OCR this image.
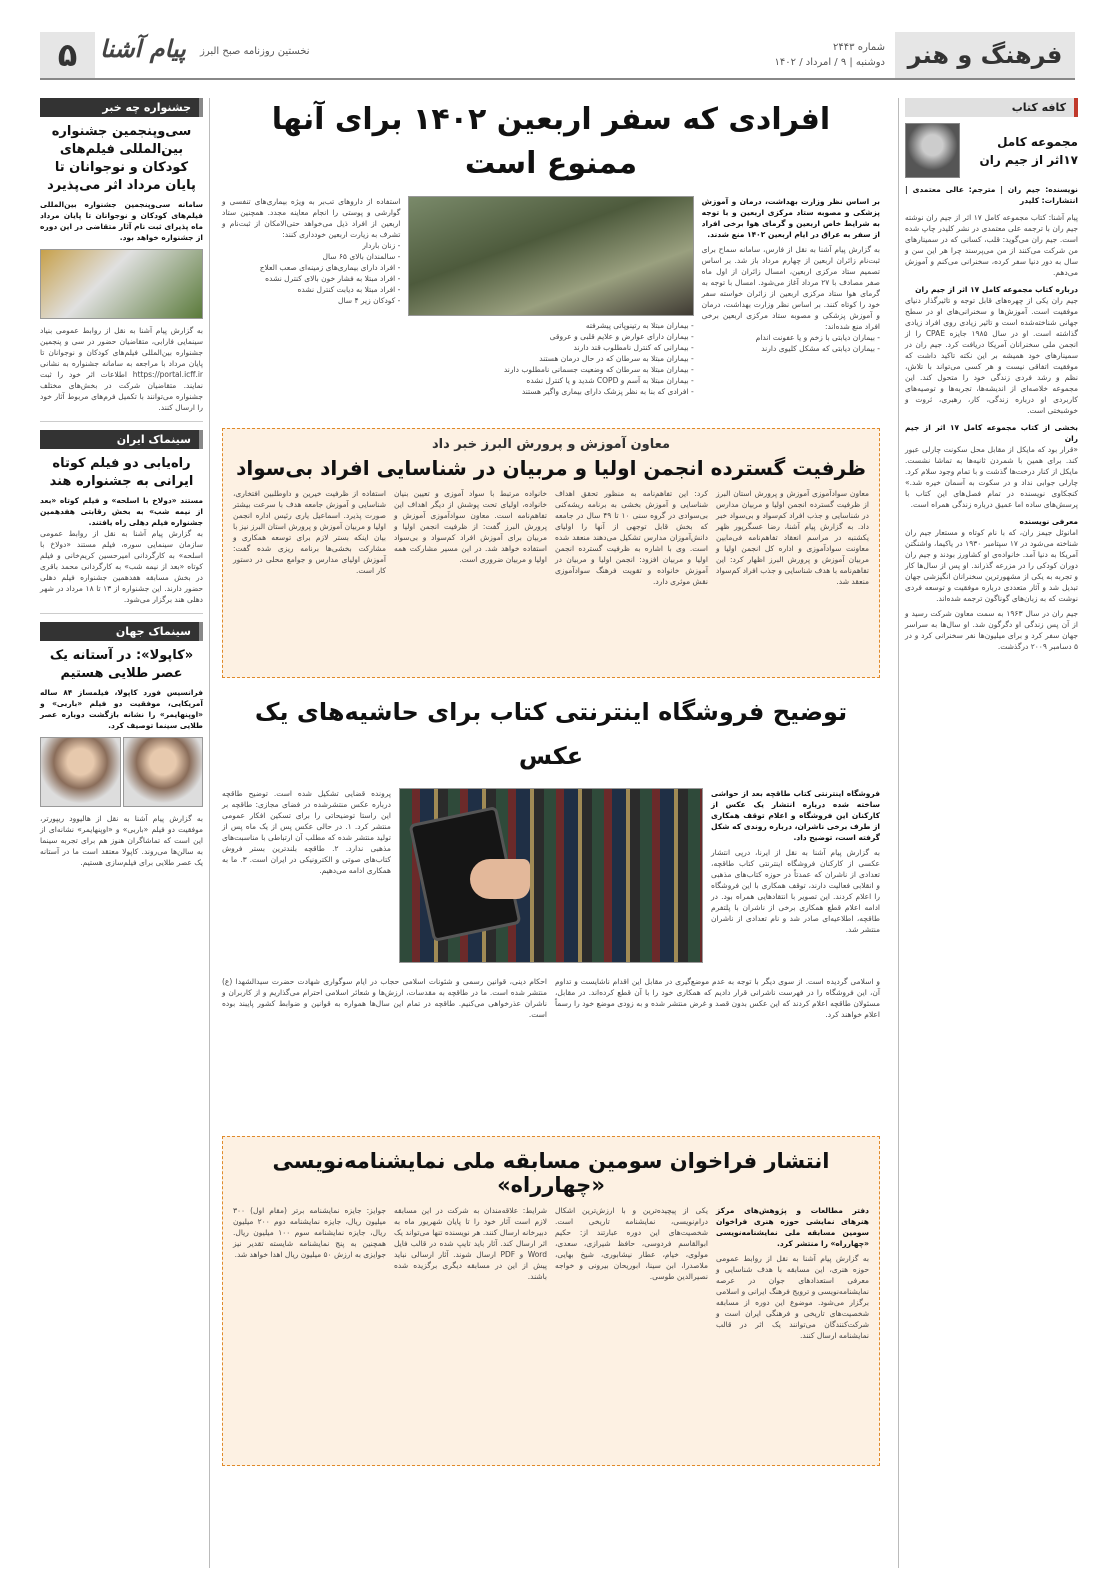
فرهنگ و هنر
شماره ۲۴۴۳
دوشنبه | ۹ / امرداد / ۱۴۰۲
نخستین روزنامه صبح البرز
پیام آشنا
۵
کافه کتاب
مجموعه کامل ۱۷اثر از جیم ران
نویسنده: جیم ران | مترجم: عالی معتمدی | انتشارات: کلیدر
پیام آشنا: کتاب مجموعه کامل ۱۷ اثر از جیم ران نوشته جیم ران با ترجمه علی معتمدی در نشر کلیدر چاپ شده است. جیم ران می‌گوید: قلب، کسانی که در سمینارهای من شرکت می‌کنند از من می‌پرسند چرا هر این سن و سال به دور دنیا سفر کرده، سخنرانی می‌کنم و آموزش می‌دهم.
درباره کتاب مجموعه کامل ۱۷ اثر از جیم ران
جیم ران یکی از چهره‌های قابل توجه و تاثیرگذار دنیای موفقیت است. آموزش‌ها و سخنرانی‌های او در سطح جهانی شناخته‌شده است و تاثیر زیادی روی افراد زیادی گذاشته است. او در سال ۱۹۸۵ جایزه CPAE را از انجمن ملی سخنرانان آمریکا دریافت کرد. جیم ران در سمینارهای خود همیشه بر این نکته تاکید داشت که موفقیت اتفاقی نیست و هر کسی می‌تواند با تلاش، نظم و رشد فردی زندگی خود را متحول کند. این مجموعه خلاصه‌ای از اندیشه‌ها، تجربه‌ها و توصیه‌های کاربردی او درباره زندگی، کار، رهبری، ثروت و خوشبختی است.
بخشی از کتاب مجموعه کامل ۱۷ اثر از جیم ران
«قرار بود که مایکل از مقابل محل سکونت چارلی عبور کند. برای همین با شمردن ثانیه‌ها به تماشا نشست. مایکل از کنار درخت‌ها گذشت و با تمام وجود سلام کرد. چارلی جوابی نداد و در سکوت به آسمان خیره شد.» کنجکاوی نویسنده در تمام فصل‌های این کتاب با پرسش‌های ساده اما عمیق درباره زندگی همراه است.
معرفی نویسنده
امانوئل جیمز ران، که با نام کوتاه و مستعار جیم ران شناخته می‌شود در ۱۷ سپتامبر ۱۹۳۰ در یاکیما، واشنگتن آمریکا به دنیا آمد. خانواده‌ی او کشاورز بودند و جیم ران دوران کودکی را در مزرعه گذراند. او پس از سال‌ها کار و تجربه به یکی از مشهورترین سخنرانان انگیزشی جهان تبدیل شد و آثار متعددی درباره موفقیت و توسعه فردی نوشت که به زبان‌های گوناگون ترجمه شده‌اند.
جیم ران در سال ۱۹۶۳ به سمت معاون شرکت رسید و از آن پس زندگی او دگرگون شد. او سال‌ها به سراسر جهان سفر کرد و برای میلیون‌ها نفر سخنرانی کرد و در ۵ دسامبر ۲۰۰۹ درگذشت.
جشنواره چه خبر
سی‌وپنجمین جشنواره بین‌المللی فیلم‌های کودکان و نوجوانان تا پایان مرداد اثر می‌پذیرد
سامانه سی‌وپنجمین جشنواره بین‌المللی فیلم‌های کودکان و نوجوانان تا پایان مرداد ماه پذیرای ثبت نام آثار متقاضی در این دوره از جشنواره خواهد بود.
به گزارش پیام آشنا به نقل از روابط عمومی بنیاد سینمایی فارابی، متقاضیان حضور در سی و پنجمین جشنواره بین‌المللی فیلم‌های کودکان و نوجوانان تا پایان مرداد با مراجعه به سامانه جشنواره به نشانی https://portal.icff.ir اطلاعات اثر خود را ثبت نمایند. متقاضیان شرکت در بخش‌های مختلف جشنواره می‌توانند با تکمیل فرم‌های مربوط آثار خود را ارسال کنند.
سینماک ایران
راه‌یابی دو فیلم کوتاه ایرانی به جشنواره هند
مستند «دولاخ با اسلحه» و فیلم کوتاه «بعد از نیمه شب» به بخش رقابتی هفدهمین جشنواره فیلم دهلی راه یافتند.
به گزارش پیام آشنا به نقل از روابط عمومی سازمان سینمایی سوره، فیلم مستند «دولاخ با اسلحه» به کارگردانی امیرحسین کریم‌خانی و فیلم کوتاه «بعد از نیمه شب» به کارگردانی محمد باقری در بخش مسابقه هفدهمین جشنواره فیلم دهلی حضور دارند. این جشنواره از ۱۳ تا ۱۸ مرداد در شهر دهلی هند برگزار می‌شود.
سینماک جهان
«کاپولا»: در آستانه یک عصر طلایی هستیم
فرانسیس فورد کاپولا، فیلمساز ۸۴ ساله آمریکایی، موفقیت دو فیلم «باربی» و «اوپنهایمر» را نشانه بازگشت دوباره عصر طلایی سینما توصیف کرد.
به گزارش پیام آشنا به نقل از هالیوود ریپورتر، موفقیت دو فیلم «باربی» و «اوپنهایمر» نشانه‌ای از این است که تماشاگران هنوز هم برای تجربه سینما به سالن‌ها می‌روند. کاپولا معتقد است ما در آستانه یک عصر طلایی برای فیلم‌سازی هستیم.
افرادی که سفر اربعین ۱۴۰۲ برای آنها ممنوع است
بر اساس نظر وزارت بهداشت، درمان و آموزش پزشکی و مصوبه ستاد مرکزی اربعین و با توجه به شرایط خاص اربعین و گرمای هوا برخی افراد از سفر به عراق در ایام اربعین ۱۴۰۲ منع شدند.
به گزارش پیام آشنا به نقل از فارس، سامانه سماح برای ثبت‌نام زائران اربعین از چهارم مرداد باز شد. بر اساس تصمیم ستاد مرکزی اربعین، امسال زائران از اول ماه صفر مصادف با ۲۷ مرداد آغاز می‌شود. امسال با توجه به گرمای هوا ستاد مرکزی اربعین از زائران خواسته سفر خود را کوتاه کنند. بر اساس نظر وزارت بهداشت، درمان و آموزش پزشکی و مصوبه ستاد مرکزی اربعین برخی افراد منع شده‌اند:
- بیماران دیابتی با زخم و یا عفونت اندام
- بیماران دیابتی که مشکل کلیوی دارند
- بیماران مبتلا به رتینوپاتی پیشرفته
- بیماران دارای عوارض و علایم قلبی و عروقی
- بیمارانی که کنترل نامطلوب قند دارند
- بیماران مبتلا به سرطان که در حال درمان هستند
- بیماران مبتلا به سرطان که وضعیت جسمانی نامطلوب دارند
- بیماران مبتلا به آسم و COPD شدید و یا کنترل نشده
- افرادی که بنا به نظر پزشک دارای بیماری واگیر هستند
استفاده از داروهای تب‌بر به ویژه بیماری‌های تنفسی و گوارشی و پوستی را انجام معاینه مجدد. همچنین ستاد اربعین از افراد ذیل می‌خواهد حتی‌الامکان از ثبت‌نام و تشرف به زیارت اربعین خودداری کنند:
- زنان باردار
- سالمندان بالای ۶۵ سال
- افراد دارای بیماری‌های زمینه‌ای صعب العلاج
- افراد مبتلا به فشار خون بالای کنترل نشده
- افراد مبتلا به دیابت کنترل نشده
- کودکان زیر ۴ سال
معاون آموزش و پرورش البرز خبر داد
ظرفیت گسترده انجمن اولیا و مربیان در شناسایی افراد بی‌سواد
معاون سوادآموزی آموزش و پرورش استان البرز از ظرفیت گسترده انجمن اولیا و مربیان مدارس در شناسایی و جذب افراد کم‌سواد و بی‌سواد خبر داد. به گزارش پیام آشنا، رضا عسگرپور ظهر یکشنبه در مراسم انعقاد تفاهم‌نامه فی‌مابین معاونت سوادآموزی و اداره کل انجمن اولیا و مربیان آموزش و پرورش البرز اظهار کرد: این تفاهم‌نامه با هدف شناسایی و جذب افراد کم‌سواد منعقد شد.
کرد: این تفاهم‌نامه به منظور تحقق اهداف شناسایی و آموزش بخشی به برنامه ریشه‌کنی بی‌سوادی در گروه سنی ۱۰ تا ۴۹ سال در جامعه که بخش قابل توجهی از آنها را اولیای دانش‌آموزان مدارس تشکیل می‌دهند منعقد شده است. وی با اشاره به ظرفیت گسترده انجمن اولیا و مربیان افزود: انجمن اولیا و مربیان در آموزش خانواده و تقویت فرهنگ سوادآموزی نقش موثری دارد.
خانواده مرتبط با سواد آموزی و تعیین بنیان خانواده، اولیای تحت پوشش از دیگر اهداف این تفاهم‌نامه است. معاون سوادآموزی آموزش و پرورش البرز گفت: از ظرفیت انجمن اولیا و مربیان برای آموزش افراد کم‌سواد و بی‌سواد استفاده خواهد شد. در این مسیر مشارکت همه اولیا و مربیان ضروری است.
استفاده از ظرفیت خیرین و داوطلبین افتخاری، شناسایی و آموزش جامعه هدف با سرعت بیشتر صورت پذیرد. اسماعیل یاری رئیس اداره انجمن اولیا و مربیان آموزش و پرورش استان البرز نیز با بیان اینکه بستر لازم برای توسعه همکاری و مشارکت بخشی‌ها برنامه ریزی شده گفت: آموزش اولیای مدارس و جوامع محلی در دستور کار است.
توضیح فروشگاه اینترنتی کتاب برای حاشیه‌های یک عکس
فروشگاه اینترنتی کتاب طاقچه بعد از حواشی ساخته شده درباره انتشار یک عکس از کارکنان این فروشگاه و اعلام توقف همکاری از طرف برخی ناشران، درباره روندی که شکل گرفته است، توضیح داد.
به گزارش پیام آشنا به نقل از ایرنا، درپی انتشار عکسی از کارکنان فروشگاه اینترنتی کتاب طاقچه، تعدادی از ناشران که عمدتاً در حوزه کتاب‌های مذهبی و انقلابی فعالیت دارند، توقف همکاری با این فروشگاه را اعلام کردند. این تصویر با انتقادهایی همراه بود. در ادامه اعلام قطع همکاری برخی از ناشران با پلتفرم طاقچه، اطلاعیه‌ای صادر شد و نام تعدادی از ناشران منتشر شد.
پرونده قضایی تشکیل شده است. توضیح طاقچه درباره عکس منتشرشده در فضای مجازی: طاقچه بر این راستا توضیحاتی را برای تسکین افکار عمومی منتشر کرد. ۱. در حالی عکس پس از یک ماه پس از تولید منتشر شده که مطلب آن ارتباطی با مناسبت‌های مذهبی ندارد. ۲. طاقچه بلند‌ترین بستر فروش کتاب‌های صوتی و الکترونیکی در ایران است. ۳. ما به همکاری ادامه می‌دهیم.
و اسلامی گردیده است. از سوی دیگر با توجه به عدم موضع‌گیری در مقابل این اقدام ناشایست و تداوم آن، این فروشگاه را در فهرست ناشرانی قرار دادیم که همکاری خود را با آن قطع کرده‌اند. در مقابل، مسئولان طاقچه اعلام کردند که این عکس بدون قصد و غرض منتشر شده و به زودی موضع خود را رسماً اعلام خواهند کرد.
احکام دینی، قوانین رسمی و شئونات اسلامی حجاب در ایام سوگواری شهادت حضرت سیدالشهدا (ع) منتشر شده است. ما در طاقچه به مقدسات، ارزش‌ها و شعائر اسلامی احترام می‌گذاریم و از کاربران و ناشران عذرخواهی می‌کنیم. طاقچه در تمام این سال‌ها همواره به قوانین و ضوابط کشور پایبند بوده است.
انتشار فراخوان سومین مسابقه ملی نمایشنامه‌نویسی «چهارراه»
دفتر مطالعات و پژوهش‌های مرکز هنرهای نمایشی حوزه هنری فراخوان سومین مسابقه ملی نمایشنامه‌نویسی «چهارراه» را منتشر کرد.
به گزارش پیام آشنا به نقل از روابط عمومی حوزه هنری، این مسابقه با هدف شناسایی و معرفی استعدادهای جوان در عرصه نمایشنامه‌نویسی و ترویج فرهنگ ایرانی و اسلامی برگزار می‌شود. موضوع این دوره از مسابقه شخصیت‌های تاریخی و فرهنگی ایران است و شرکت‌کنندگان می‌توانند یک اثر در قالب نمایشنامه ارسال کنند.
یکی از پیچیده‌ترین و با ارزش‌ترین اشکال درام‌نویسی، نمایشنامه تاریخی است. شخصیت‌های این دوره عبارتند از: حکیم ابوالقاسم فردوسی، حافظ شیرازی، سعدی، مولوی، خیام، عطار نیشابوری، شیخ بهایی، ملاصدرا، ابن سینا، ابوریحان بیرونی و خواجه نصیرالدین طوسی.
شرایط: علاقه‌مندان به شرکت در این مسابقه لازم است آثار خود را تا پایان شهریور ماه به دبیرخانه ارسال کنند. هر نویسنده تنها می‌تواند یک اثر ارسال کند. آثار باید تایپ شده در قالب فایل Word و PDF ارسال شوند. آثار ارسالی نباید پیش از این در مسابقه دیگری برگزیده شده باشند.
جوایز: جایزه نمایشنامه برتر (مقام اول) ۳۰۰ میلیون ریال، جایزه نمایشنامه دوم ۲۰۰ میلیون ریال، جایزه نمایشنامه سوم ۱۰۰ میلیون ریال. همچنین به پنج نمایشنامه شایسته تقدیر نیز جوایزی به ارزش ۵۰ میلیون ریال اهدا خواهد شد.
